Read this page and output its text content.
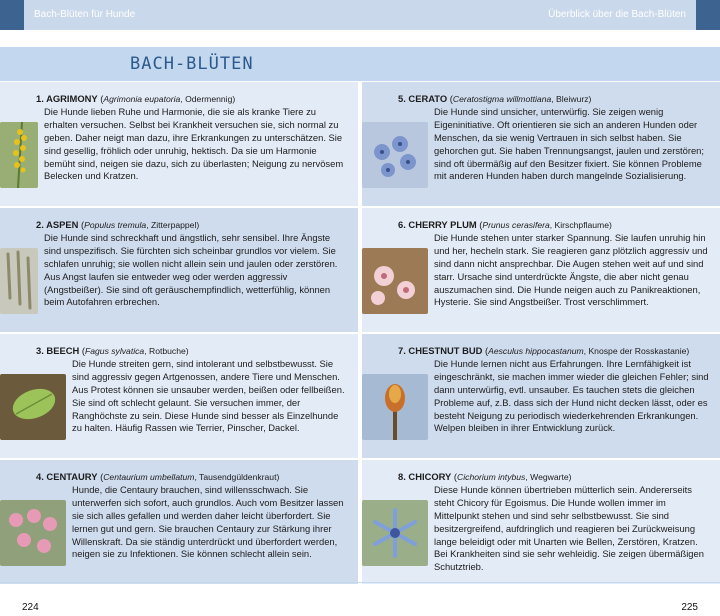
Bach-Blüten für Hunde	Überblick über die Bach-Blüten
BACH-BLÜTEN

1. AGRIMONY (Agrimonia eupatoria, Odermennig)

Die Hunde lieben Ruhe und Harmonie, die sie als kranke Tiere zu erhalten versuchen. Selbst bei Krankheit versuchen sie, sich normal zu geben. Daher neigt man dazu, ihre Erkrankungen zu unterschätzen. Sie sind gesellig, fröhlich oder unruhig, hektisch. Da sie um Harmonie bemüht sind, neigen sie dazu, sich zu überlasten; Neigung zu nervösem Belecken und Kratzen.

5. CERATO (Ceratostigma willmottiana, Bleiwurz)

Die Hunde sind unsicher, unterwürfig. Sie zeigen wenig Eigeninitiative. Oft orientieren sie sich an anderen Hunden oder Menschen, da sie wenig Vertrauen in sich selbst haben. Sie gehorchen gut. Sie haben Trennungsangst, jaulen und zerstören; sind oft übermäßig auf den Besitzer fixiert. Sie können Probleme mit anderen Hunden haben durch mangelnde Sozialisierung.

2. ASPEN (Populus tremula, Zitterpappel)

Die Hunde sind schreckhaft und ängstlich, sehr sensibel. Ihre Ängste sind unspezifisch. Sie fürchten sich scheinbar grundlos vor vielem. Sie schlafen unruhig; sie wollen nicht allein sein und jaulen oder zerstören. Aus Angst laufen sie entweder weg oder werden aggressiv (Angstbeißer). Sie sind oft geräuschempfindlich, wetterfühlig, können beim Autofahren erbrechen.

6. CHERRY PLUM (Prunus cerasifera, Kirschpflaume)

Die Hunde stehen unter starker Spannung. Sie laufen unruhig hin und her, hecheln stark. Sie reagieren ganz plötzlich aggressiv und sind dann nicht ansprechbar. Die Augen stehen weit auf und sind starr. Ursache sind unterdrückte Ängste, die aber nicht genau auszumachen sind. Die Hunde neigen auch zu Panikreaktionen, Hysterie. Sie sind Angstbeißer. Trost verschlimmert.

3. BEECH (Fagus sylvatica, Rotbuche)

Die Hunde streiten gern, sind intolerant und selbstbewusst. Sie sind aggressiv gegen Artgenossen, andere Tiere und Menschen. Aus Protest können sie unsauber werden, beißen oder fellbeißen. Sie sind oft schlecht gelaunt. Sie versuchen immer, der Ranghöchste zu sein. Diese Hunde sind besser als Einzelhunde zu halten. Häufig Rassen wie Terrier, Pinscher, Dackel.

7. CHESTNUT BUD (Aesculus hippocastanum, Knospe der Rosskastanie)

Die Hunde lernen nicht aus Erfahrungen. Ihre Lernfähigkeit ist eingeschränkt, sie machen immer wieder die gleichen Fehler; sind dann unterwürfig, evtl. unsauber. Es tauchen stets die gleichen Probleme auf, z.B. dass sich der Hund nicht decken lässt, oder es besteht Neigung zu periodisch wiederkehrenden Erkrankungen. Welpen bleiben in ihrer Entwicklung zurück.

4. CENTAURY (Centaurium umbellatum, Tausendgüldenkraut)

Hunde, die Centaury brauchen, sind willensschwach. Sie unterwerfen sich sofort, auch grundlos. Auch vom Besitzer lassen sie sich alles gefallen und werden daher leicht überfordert. Sie lernen gut und gern. Sie brauchen Centaury zur Stärkung ihrer Willenskraft. Da sie ständig unterdrückt und überfordert werden, neigen sie zu Infektionen. Sie können schlecht allein sein.

8. CHICORY (Cichorium intybus, Wegwarte)

Diese Hunde können übertrieben mütterlich sein. Andererseits steht Chicory für Egoismus. Die Hunde wollen immer im Mittelpunkt stehen und sind sehr selbstbewusst. Sie sind besitzergreifend, aufdringlich und reagieren bei Zurückweisung lange beleidigt oder mit Unarten wie Bellen, Zerstören, Kratzen. Bei Krankheiten sind sie sehr wehleidig. Sie zeigen übermäßigen Schutztrieb.

224	225
